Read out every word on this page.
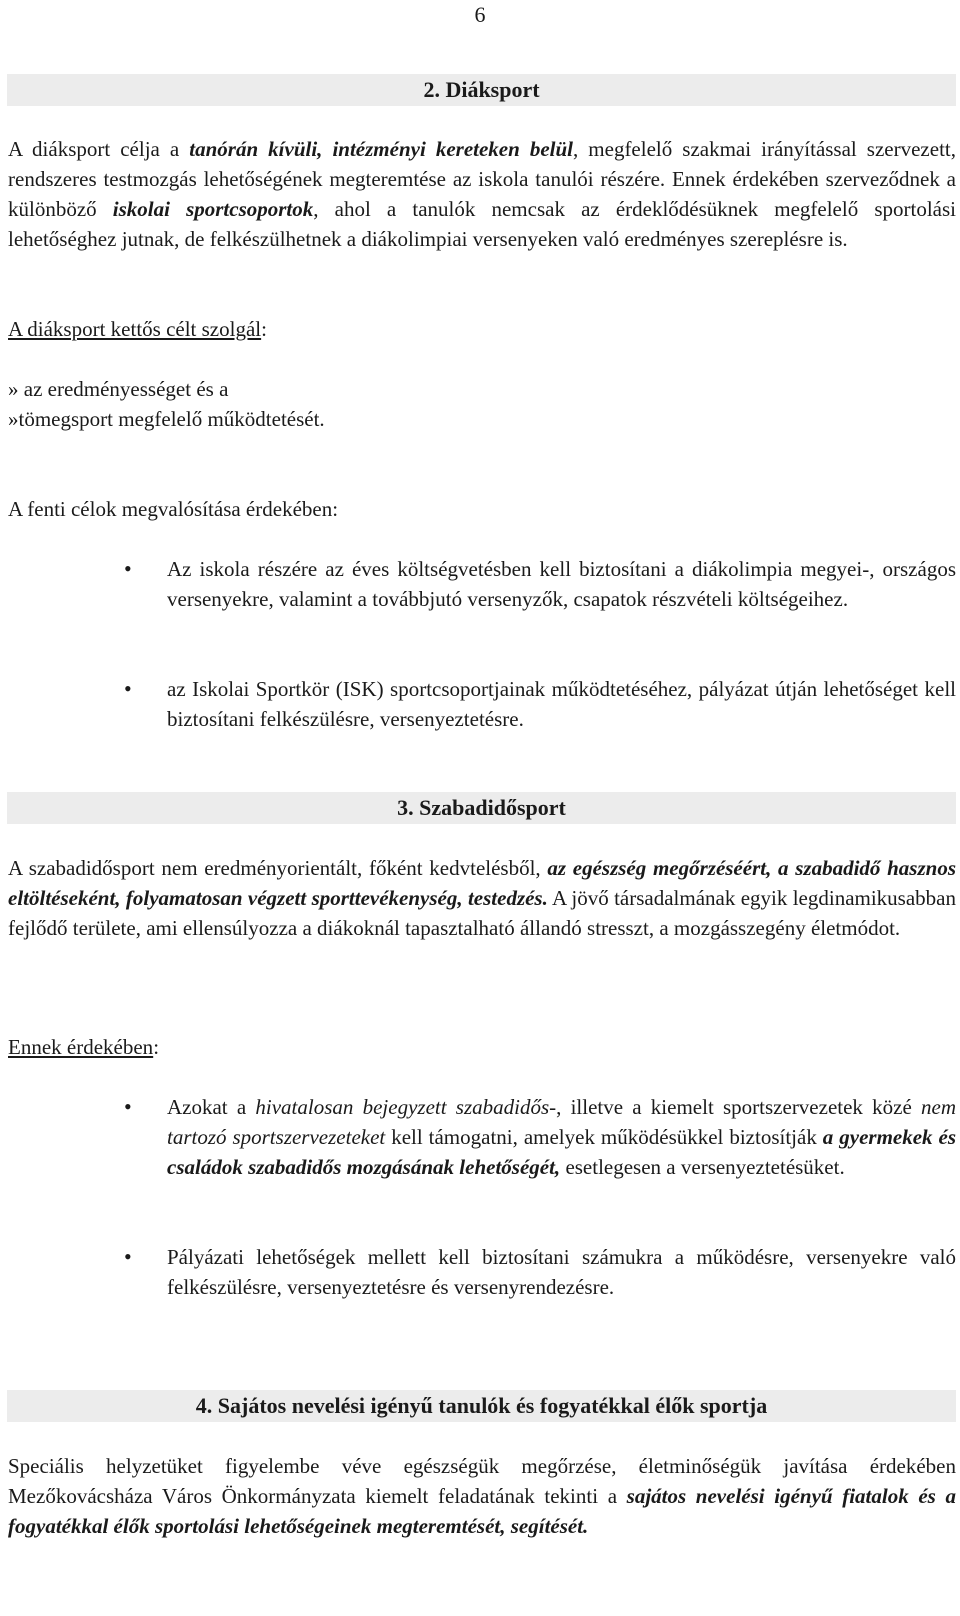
6
2. Diáksport

A diáksport célja a tanórán kívüli, intézményi kereteken belül, megfelelő szakmai irányítással szervezett, rendszeres testmozgás lehetőségének megteremtése az iskola tanulói részére. Ennek érdekében szerveződnek a különböző iskolai sportcsoportok, ahol a tanulók nemcsak az érdeklődésüknek megfelelő sportolási lehetőséghez jutnak, de felkészülhetnek a diákolimpiai versenyeken való eredményes szereplésre is.

A diáksport kettős célt szolgál:

» az eredményességet és a

»tömegsport megfelelő működtetését.

A fenti célok megvalósítása érdekében:

• Az iskola részére az éves költségvetésben kell biztosítani a diákolimpia megyei-, országos versenyekre, valamint a továbbjutó versenyzők, csapatok részvételi költségeihez.

• az Iskolai Sportkör (ISK) sportcsoportjainak működtetéséhez, pályázat útján lehetőséget kell biztosítani felkészülésre, versenyeztetésre.

3. Szabadidősport

A szabadidősport nem eredményorientált, főként kedvtelésből, az egészség megőrzéséért, a szabadidő hasznos eltöltéseként, folyamatosan végzett sporttevékenység, testedzés. A jövő társadalmának egyik legdinamikusabban fejlődő területe, ami ellensúlyozza a diákoknál tapasztalható állandó stresszt, a mozgásszegény életmódot.

Ennek érdekében:

• Azokat a hivatalosan bejegyzett szabadidős-, illetve a kiemelt sportszervezetek közé nem tartozó sportszervezeteket kell támogatni, amelyek működésükkel biztosítják a gyermekek és családok szabadidős mozgásának lehetőségét, esetlegesen a versenyeztetésüket.

• Pályázati lehetőségek mellett kell biztosítani számukra a működésre, versenyekre való felkészülésre, versenyeztetésre és versenyrendezésre.

4. Sajátos nevelési igényű tanulók és fogyatékkal élők sportja

Speciális helyzetüket figyelembe véve egészségük megőrzése, életminőségük javítása érdekében Mezőkovácsháza Város Önkormányzata kiemelt feladatának tekinti a sajátos nevelési igényű fiatalok és a fogyatékkal élők sportolási lehetőségeinek megteremtését, segítését.
